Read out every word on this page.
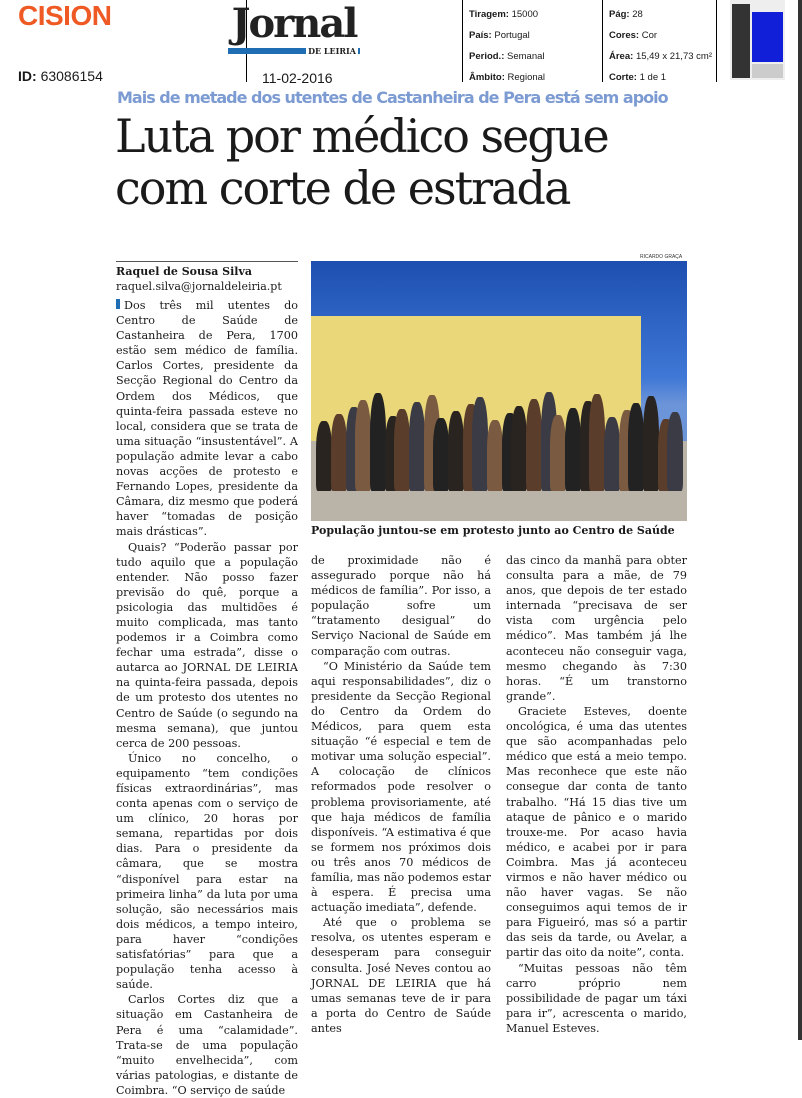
CISION
ID: 63086154
Jornal
DE LEIRIA
11-02-2016
Tiragem: 15000
País: Portugal
Period.: Semanal
Âmbito: Regional
Pág: 28
Cores: Cor
Área: 15,49 x 21,73 cm²
Corte: 1 de 1
Mais de metade dos utentes de Castanheira de Pera está sem apoio
Luta por médico segue
com corte de estrada
Raquel de Sousa Silva
raquel.silva@jornaldeleiria.pt

Dos três mil utentes do Centro de Saúde de Castanheira de Pera, 1700 estão sem médico de família. Carlos Cortes, presidente da Secção Regional do Centro da Ordem dos Médicos, que quinta-feira passada esteve no local, considera que se trata de uma situação “insustentável”. A população admite levar a cabo novas acções de protesto e Fernando Lopes, presidente da Câmara, diz mesmo que poderá haver “tomadas de posição mais drásticas”.

Quais? “Poderão passar por tudo aquilo que a população entender. Não posso fazer previsão do quê, porque a psicologia das multidões é muito complicada, mas tanto podemos ir a Coimbra como fechar uma estrada”, disse o autarca ao JORNAL DE LEIRIA na quinta-feira passada, depois de um protesto dos utentes no Centro de Saúde (o segundo na mesma semana), que juntou cerca de 200 pessoas.

Único no concelho, o equipamento “tem condições físicas extraordinárias”, mas conta apenas com o serviço de um clínico, 20 horas por semana, repartidas por dois dias. Para o presidente da câmara, que se mostra “disponível para estar na primeira linha” da luta por uma solução, são necessários mais dois médicos, a tempo inteiro, para haver “condições satisfatórias” para que a população tenha acesso à saúde.

Carlos Cortes diz que a situação em Castanheira de Pera é uma “calamidade”. Trata-se de uma população “muito envelhecida”, com várias patologias, e distante de Coimbra. “O serviço de saúde

RICARDO GRAÇA
População juntou-se em protesto junto ao Centro de Saúde

de proximidade não é assegurado porque não há médicos de família”. Por isso, a população sofre um “tratamento desigual” do Serviço Nacional de Saúde em comparação com outras.

“O Ministério da Saúde tem aqui responsabilidades”, diz o presidente da Secção Regional do Centro da Ordem do Médicos, para quem esta situação “é especial e tem de motivar uma solução especial”. A colocação de clínicos reformados pode resolver o problema provisoriamente, até que haja médicos de família disponíveis. “A estimativa é que se formem nos próximos dois ou três anos 70 médicos de família, mas não podemos estar à espera. É precisa uma actuação imediata”, defende.

Até que o problema se resolva, os utentes esperam e desesperam para conseguir consulta. José Neves contou ao JORNAL DE LEIRIA que há umas semanas teve de ir para a porta do Centro de Saúde antes

das cinco da manhã para obter consulta para a mãe, de 79 anos, que depois de ter estado internada “precisava de ser vista com urgência pelo médico”. Mas também já lhe aconteceu não conseguir vaga, mesmo chegando às 7:30 horas. “É um transtorno grande”.

Graciete Esteves, doente oncológica, é uma das utentes que são acompanhadas pelo médico que está a meio tempo. Mas reconhece que este não consegue dar conta de tanto trabalho. “Há 15 dias tive um ataque de pânico e o marido trouxe-me. Por acaso havia médico, e acabei por ir para Coimbra. Mas já aconteceu virmos e não haver médico ou não haver vagas. Se não conseguimos aqui temos de ir para Figueiró, mas só a partir das seis da tarde, ou Avelar, a partir das oito da noite”, conta.

“Muitas pessoas não têm carro próprio nem possibilidade de pagar um táxi para ir”, acrescenta o marido, Manuel Esteves.
